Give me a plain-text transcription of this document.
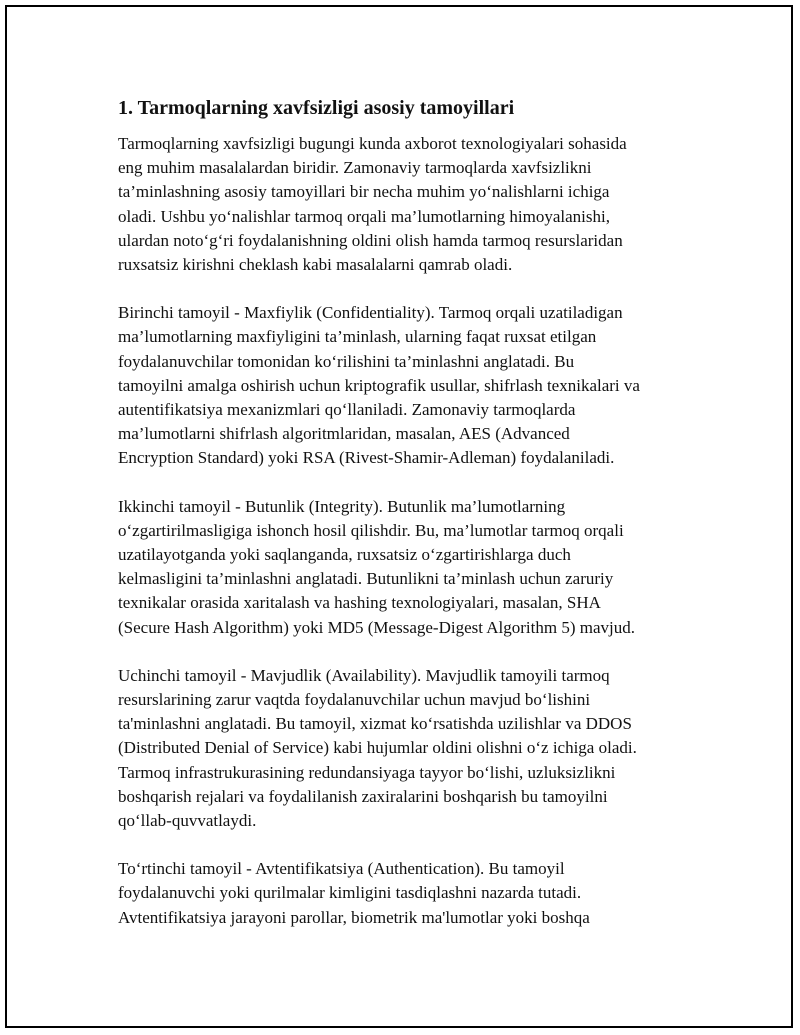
1. Tarmoqlarning xavfsizligi asosiy tamoyillari
Tarmoqlarning xavfsizligi bugungi kunda axborot texnologiyalari sohasida
eng muhim masalalardan biridir. Zamonaviy tarmoqlarda xavfsizlikni
ta’minlashning asosiy tamoyillari bir necha muhim yo‘nalishlarni ichiga
oladi. Ushbu yo‘nalishlar tarmoq orqali ma’lumotlarning himoyalanishi,
ulardan noto‘g‘ri foydalanishning oldini olish hamda tarmoq resurslaridan
ruxsatsiz kirishni cheklash kabi masalalarni qamrab oladi.
Birinchi tamoyil - Maxfiylik (Confidentiality). Tarmoq orqali uzatiladigan
ma’lumotlarning maxfiyligini ta’minlash, ularning faqat ruxsat etilgan
foydalanuvchilar tomonidan ko‘rilishini ta’minlashni anglatadi. Bu
tamoyilni amalga oshirish uchun kriptografik usullar, shifrlash texnikalari va
autentifikatsiya mexanizmlari qo‘llaniladi. Zamonaviy tarmoqlarda
ma’lumotlarni shifrlash algoritmlaridan, masalan, AES (Advanced
Encryption Standard) yoki RSA (Rivest-Shamir-Adleman) foydalaniladi.
Ikkinchi tamoyil - Butunlik (Integrity). Butunlik ma’lumotlarning
o‘zgartirilmasligiga ishonch hosil qilishdir. Bu, ma’lumotlar tarmoq orqali
uzatilayotganda yoki saqlanganda, ruxsatsiz o‘zgartirishlarga duch
kelmasligini ta’minlashni anglatadi. Butunlikni ta’minlash uchun zaruriy
texnikalar orasida xaritalash va hashing texnologiyalari, masalan, SHA
(Secure Hash Algorithm) yoki MD5 (Message-Digest Algorithm 5) mavjud.
Uchinchi tamoyil - Mavjudlik (Availability). Mavjudlik tamoyili tarmoq
resurslarining zarur vaqtda foydalanuvchilar uchun mavjud bo‘lishini
ta'minlashni anglatadi. Bu tamoyil, xizmat ko‘rsatishda uzilishlar va DDOS
(Distributed Denial of Service) kabi hujumlar oldini olishni o‘z ichiga oladi.
Tarmoq infrastrukurasining redundansiyaga tayyor bo‘lishi, uzluksizlikni
boshqarish rejalari va foydalilanish zaxiralarini boshqarish bu tamoyilni
qo‘llab-quvvatlaydi.
To‘rtinchi tamoyil - Avtentifikatsiya (Authentication). Bu tamoyil
foydalanuvchi yoki qurilmalar kimligini tasdiqlashni nazarda tutadi.
Avtentifikatsiya jarayoni parollar, biometrik ma'lumotlar yoki boshqa
